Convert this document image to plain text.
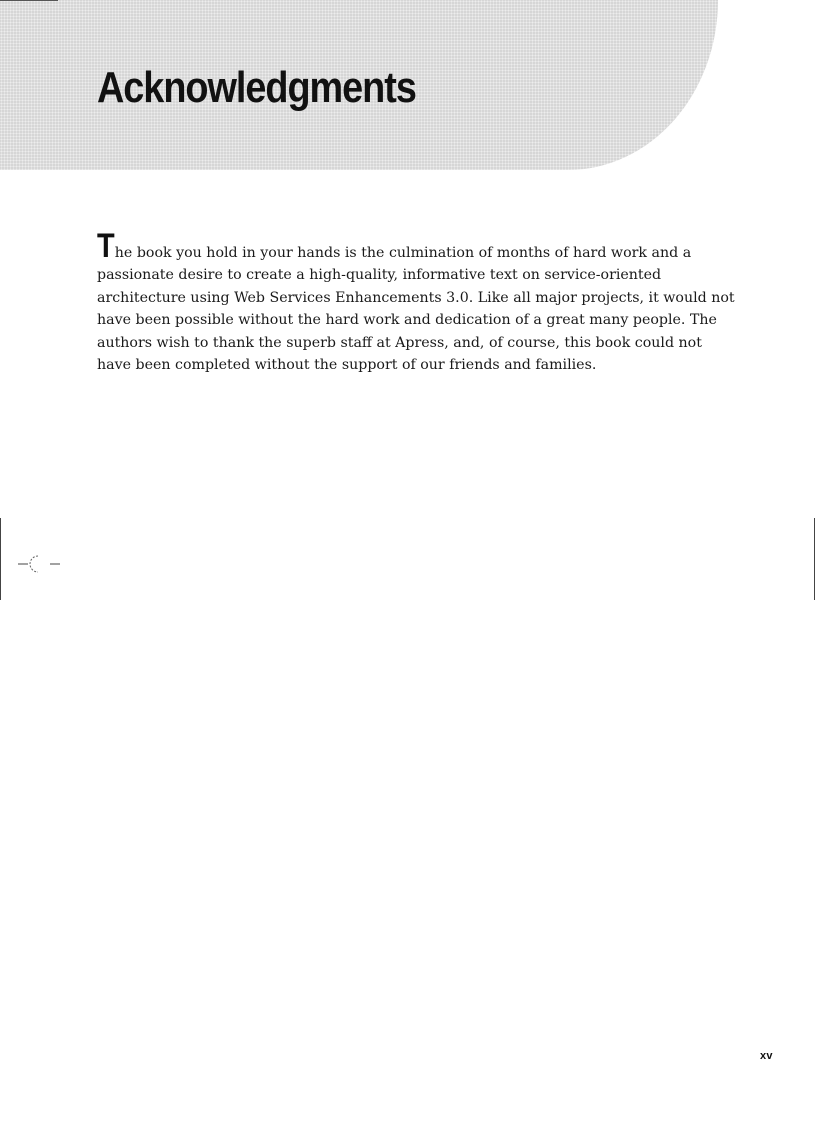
Acknowledgments

The book you hold in your hands is the culmination of months of hard work and a passionate desire to create a high-quality, informative text on service-oriented architecture using Web Services Enhancements 3.0. Like all major projects, it would not have been possible without the hard work and dedication of a great many people. The authors wish to thank the superb staff at Apress, and, of course, this book could not have been completed without the support of our friends and families.

xv
